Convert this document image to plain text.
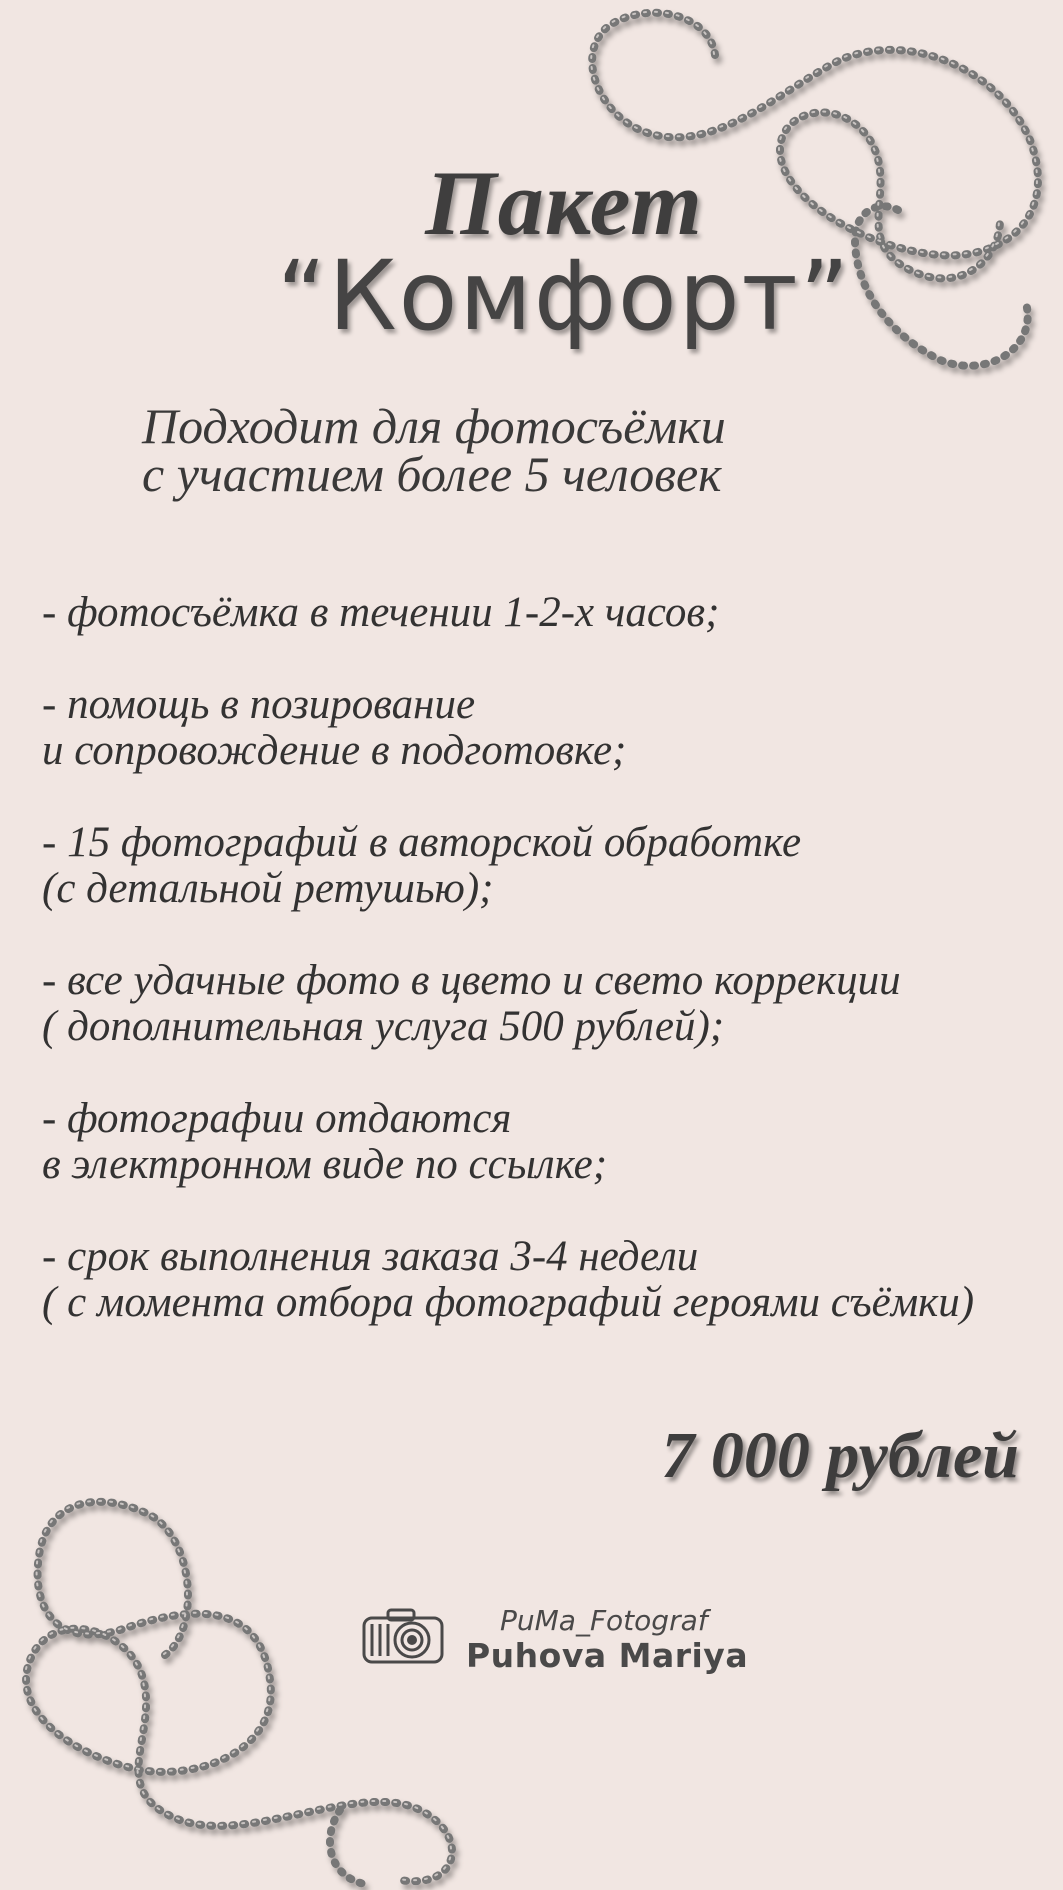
Пакет
“Комфорт”
Подходит для фотосъёмки
с участием более 5 человек
- фотосъёмка в течении 1-2-х часов;
- помощь в позирование
и сопровождение в подготовке;
- 15 фотографий в авторской обработке
(с детальной ретушью);
- все удачные фото в цвето и свето коррекции
( дополнительная услуга 500 рублей);
- фотографии отдаются
в электронном виде по ссылке;
- срок выполнения заказа 3-4 недели
( с момента отбора фотографий героями съёмки)
7 000 рублей
PuMa_Fotograf
Puhova Mariya
